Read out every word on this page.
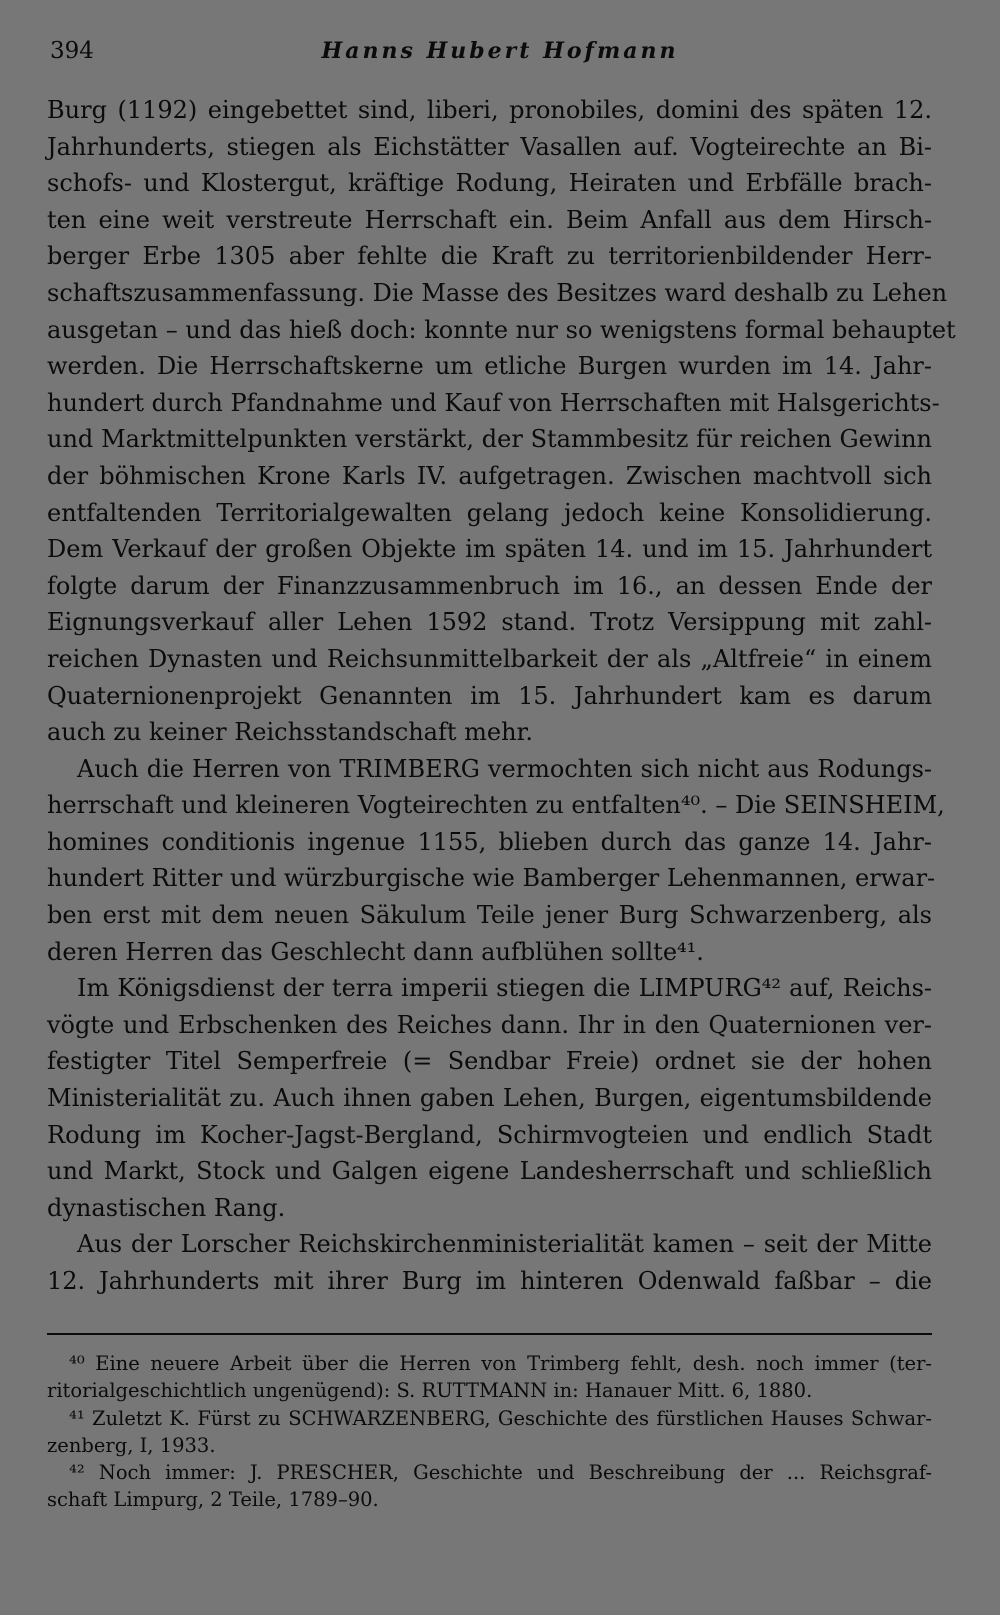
394	Hanns Hubert Hofmann
Burg (1192) eingebettet sind, liberi, pronobiles, domini des späten 12.
Jahrhunderts, stiegen als Eichstätter Vasallen auf. Vogteirechte an Bi-
schofs- und Klostergut, kräftige Rodung, Heiraten und Erbfälle brach-
ten eine weit verstreute Herrschaft ein. Beim Anfall aus dem Hirsch-
berger Erbe 1305 aber fehlte die Kraft zu territorienbildender Herr-
schaftszusammenfassung. Die Masse des Besitzes ward deshalb zu Lehen
ausgetan – und das hieß doch: konnte nur so wenigstens formal behauptet
werden. Die Herrschaftskerne um etliche Burgen wurden im 14. Jahr-
hundert durch Pfandnahme und Kauf von Herrschaften mit Halsgerichts-
und Marktmittelpunkten verstärkt, der Stammbesitz für reichen Gewinn
der böhmischen Krone Karls IV. aufgetragen. Zwischen machtvoll sich
entfaltenden Territorialgewalten gelang jedoch keine Konsolidierung.
Dem Verkauf der großen Objekte im späten 14. und im 15. Jahrhundert
folgte darum der Finanzzusammenbruch im 16., an dessen Ende der
Eignungsverkauf aller Lehen 1592 stand. Trotz Versippung mit zahl-
reichen Dynasten und Reichsunmittelbarkeit der als „Altfreie“ in einem
Quaternionenprojekt Genannten im 15. Jahrhundert kam es darum
auch zu keiner Reichsstandschaft mehr.
Auch die Herren von TRIMBERG vermochten sich nicht aus Rodungs-
herrschaft und kleineren Vogteirechten zu entfalten⁴⁰. – Die SEINSHEIM,
homines conditionis ingenue 1155, blieben durch das ganze 14. Jahr-
hundert Ritter und würzburgische wie Bamberger Lehenmannen, erwar-
ben erst mit dem neuen Säkulum Teile jener Burg Schwarzenberg, als
deren Herren das Geschlecht dann aufblühen sollte⁴¹.
Im Königsdienst der terra imperii stiegen die LIMPURG⁴² auf, Reichs-
vögte und Erbschenken des Reiches dann. Ihr in den Quaternionen ver-
festigter Titel Semperfreie (= Sendbar Freie) ordnet sie der hohen
Ministerialität zu. Auch ihnen gaben Lehen, Burgen, eigentumsbildende
Rodung im Kocher-Jagst-Bergland, Schirmvogteien und endlich Stadt
und Markt, Stock und Galgen eigene Landesherrschaft und schließlich
dynastischen Rang.
Aus der Lorscher Reichskirchenministerialität kamen – seit der Mitte
12. Jahrhunderts mit ihrer Burg im hinteren Odenwald faßbar – die
⁴⁰ Eine neuere Arbeit über die Herren von Trimberg fehlt, desh. noch immer (ter-
ritorialgeschichtlich ungenügend): S. RUTTMANN in: Hanauer Mitt. 6, 1880.
⁴¹ Zuletzt K. Fürst zu SCHWARZENBERG, Geschichte des fürstlichen Hauses Schwar-
zenberg, I, 1933.
⁴² Noch immer: J. PRESCHER, Geschichte und Beschreibung der ... Reichsgraf-
schaft Limpurg, 2 Teile, 1789–90.
